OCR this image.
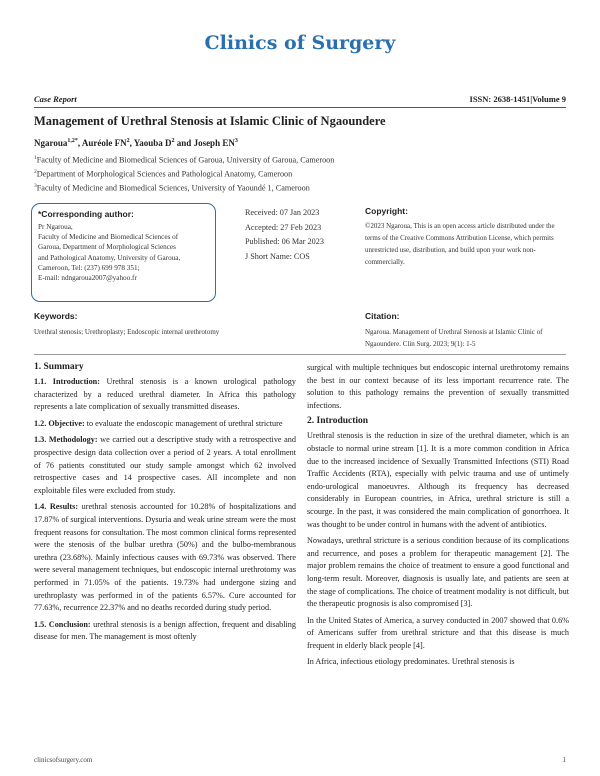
Clinics of Surgery
Case Report	ISSN: 2638-1451|Volume 9
Management of Urethral Stenosis at Islamic Clinic of Ngaoundere
Ngaroua$^{1,2*}$, Auréole $FN^2$, Yaouba $D^2$ and Joseph $EN^3$
$^1$Faculty of Medicine and Biomedical Sciences of Garoua, University of Garoua, Cameroon
$^2$Department of Morphological Sciences and Pathological Anatomy, Cameroon
$^3$Faculty of Medicine and Biomedical Sciences, University of Yaoundé 1, Cameroon
*Corresponding author:
Pr Ngaroua,
Faculty of Medicine and Biomedical Sciences of
Garoua, Department of Morphological Sciences
and Pathological Anatomy, University of Garoua,
Cameroon, Tel: (237) 699 978 351;
E-mail: ndngaroua2007@yahoo.fr
Received: 07 Jan 2023
Accepted: 27 Feb 2023
Published: 06 Mar 2023
J Short Name: COS
Copyright:
©2023 Ngaroua, This is an open access article distributed under the terms of the Creative Commons Attribution License, which permits unrestricted use, distribution, and build upon your work non-commercially.
Keywords:
Urethral stenosis; Urethroplasty; Endoscopic internal urethrotomy
Citation:
Ngaroua. Management of Urethral Stenosis at Islamic Clinic of Ngaoundere. Clin Surg. 2023; 9(1): 1-5
1. Summary

1.1. Introduction: Urethral stenosis is a known urological pathology characterized by a reduced urethral diameter. In Africa this pathology represents a late complication of sexually transmitted diseases.

1.2. Objective: to evaluate the endoscopic management of urethral stricture

1.3. Methodology: we carried out a descriptive study with a retrospective and prospective design data collection over a period of 2 years. A total enrollment of 76 patients constituted our study sample amongst which 62 involved retrospective cases and 14 prospective cases. All incomplete and non exploitable files were excluded from study.

1.4. Results: urethral stenosis accounted for 10.28% of hospitalizations and 17.87% of surgical interventions. Dysuria and weak urine stream were the most frequent reasons for consultation. The most common clinical forms represented were the stenosis of the bulbar urethra (50%) and the bulbo-membranous urethra (23.68%). Mainly infectious causes with 69.73% was observed. There were several management techniques, but endoscopic internal urethrotomy was performed in 71.05% of the patients. 19.73% had undergone sizing and urethroplasty was performed in of the patients 6.57%. Cure accounted for 77.63%, recurrence 22.37% and no deaths recorded during study period.

1.5. Conclusion: urethral stenosis is a benign affection, frequent and disabling disease for men. The management is most oftenly

surgical with multiple techniques but endoscopic internal urethrotomy remains the best in our context because of its less important recurrence rate. The solution to this pathology remains the prevention of sexually transmitted infections.

2. Introduction

Urethral stenosis is the reduction in size of the urethral diameter, which is an obstacle to normal urine stream [1]. It is a more common condition in Africa due to the increased incidence of Sexually Transmitted Infections (STI) Road Traffic Accidents (RTA), especially with pelvic trauma and use of untimely endo-urological manoeuvres. Although its frequency has decreased considerably in European countries, in Africa, urethral stricture is still a scourge. In the past, it was considered the main complication of gonorrhoea. It was thought to be under control in humans with the advent of antibiotics.

Nowadays, urethral stricture is a serious condition because of its complications and recurrence, and poses a problem for therapeutic management [2]. The major problem remains the choice of treatment to ensure a good functional and long-term result. Moreover, diagnosis is usually late, and patients are seen at the stage of complications. The choice of treatment modality is not difficult, but the therapeutic prognosis is also compromised [3].

In the United States of America, a survey conducted in 2007 showed that 0.6% of Americans suffer from urethral stricture and that this disease is much frequent in elderly black people [4].

In Africa, infectious etiology predominates. Urethral stenosis is

clinicsofsurgery.com	1
